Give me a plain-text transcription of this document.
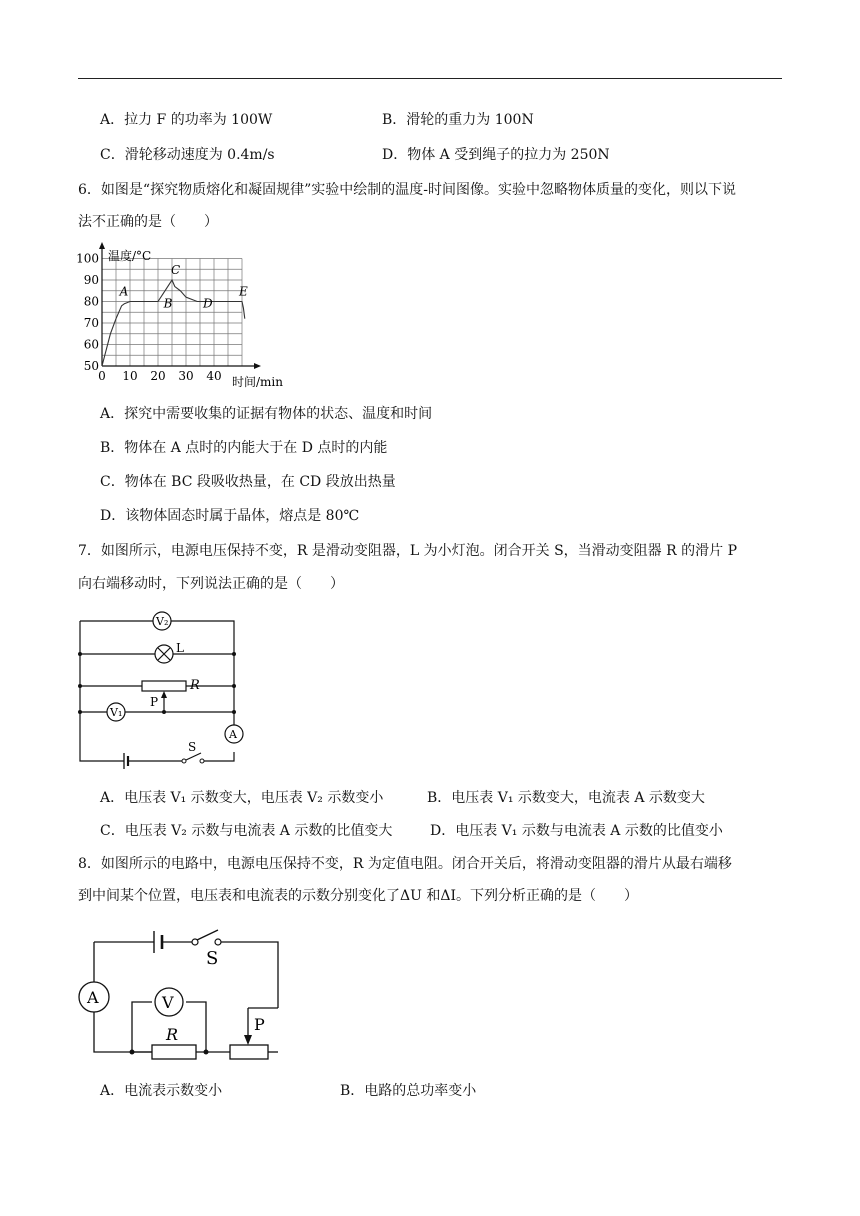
A．拉力 F 的功率为 100W	B．滑轮的重力为 100N
C．滑轮移动速度为 0.4m/s	D．物体 A 受到绳子的拉力为 250N
6．如图是“探究物质熔化和凝固规律”实验中绘制的温度-时间图像。实验中忽略物体质量的变化，则以下说
法不正确的是（　　）
温度/°C
时间/min
0 10 20 30 40
50
60
70
80
90
100
A
B
C
D
E
A．探究中需要收集的证据有物体的状态、温度和时间
B．物体在 A 点时的内能大于在 D 点时的内能
C．物体在 BC 段吸收热量，在 CD 段放出热量
D．该物体固态时属于晶体，熔点是 80℃
7．如图所示，电源电压保持不变，R 是滑动变阻器，L 为小灯泡。闭合开关 S，当滑动变阻器 R 的滑片 P
向右端移动时，下列说法正确的是（　　）
V₂
L
R
P
V₁
A
S
A．电压表 V₁ 示数变大，电压表 V₂ 示数变小	B．电压表 V₁ 示数变大，电流表 A 示数变大
C．电压表 V₂ 示数与电流表 A 示数的比值变大	D．电压表 V₁ 示数与电流表 A 示数的比值变小
8．如图所示的电路中，电源电压保持不变，R 为定值电阻。闭合开关后，将滑动变阻器的滑片从最右端移
到中间某个位置，电压表和电流表的示数分别变化了ΔU 和ΔI。下列分析正确的是（　　）
S
A	V
R
P
A．电流表示数变小	B．电路的总功率变小
